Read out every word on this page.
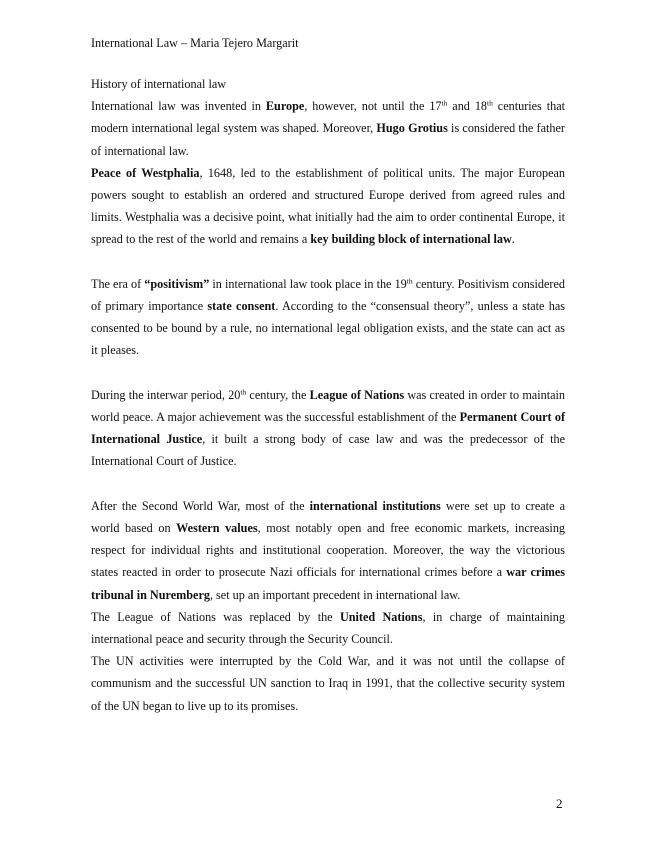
International Law – Maria Tejero Margarit
History of international law

International law was invented in Europe, however, not until the 17th and 18th centuries that modern international legal system was shaped. Moreover, Hugo Grotius is considered the father of international law.

Peace of Westphalia, 1648, led to the establishment of political units. The major European powers sought to establish an ordered and structured Europe derived from agreed rules and limits. Westphalia was a decisive point, what initially had the aim to order continental Europe, it spread to the rest of the world and remains a key building block of international law.

The era of “positivism” in international law took place in the 19th century. Positivism considered of primary importance state consent. According to the “consensual theory”, unless a state has consented to be bound by a rule, no international legal obligation exists, and the state can act as it pleases.

During the interwar period, 20th century, the League of Nations was created in order to maintain world peace. A major achievement was the successful establishment of the Permanent Court of International Justice, it built a strong body of case law and was the predecessor of the International Court of Justice.

After the Second World War, most of the international institutions were set up to create a world based on Western values, most notably open and free economic markets, increasing respect for individual rights and institutional cooperation. Moreover, the way the victorious states reacted in order to prosecute Nazi officials for international crimes before a war crimes tribunal in Nuremberg, set up an important precedent in international law.

The League of Nations was replaced by the United Nations, in charge of maintaining international peace and security through the Security Council.

The UN activities were interrupted by the Cold War, and it was not until the collapse of communism and the successful UN sanction to Iraq in 1991, that the collective security system of the UN began to live up to its promises.

2
